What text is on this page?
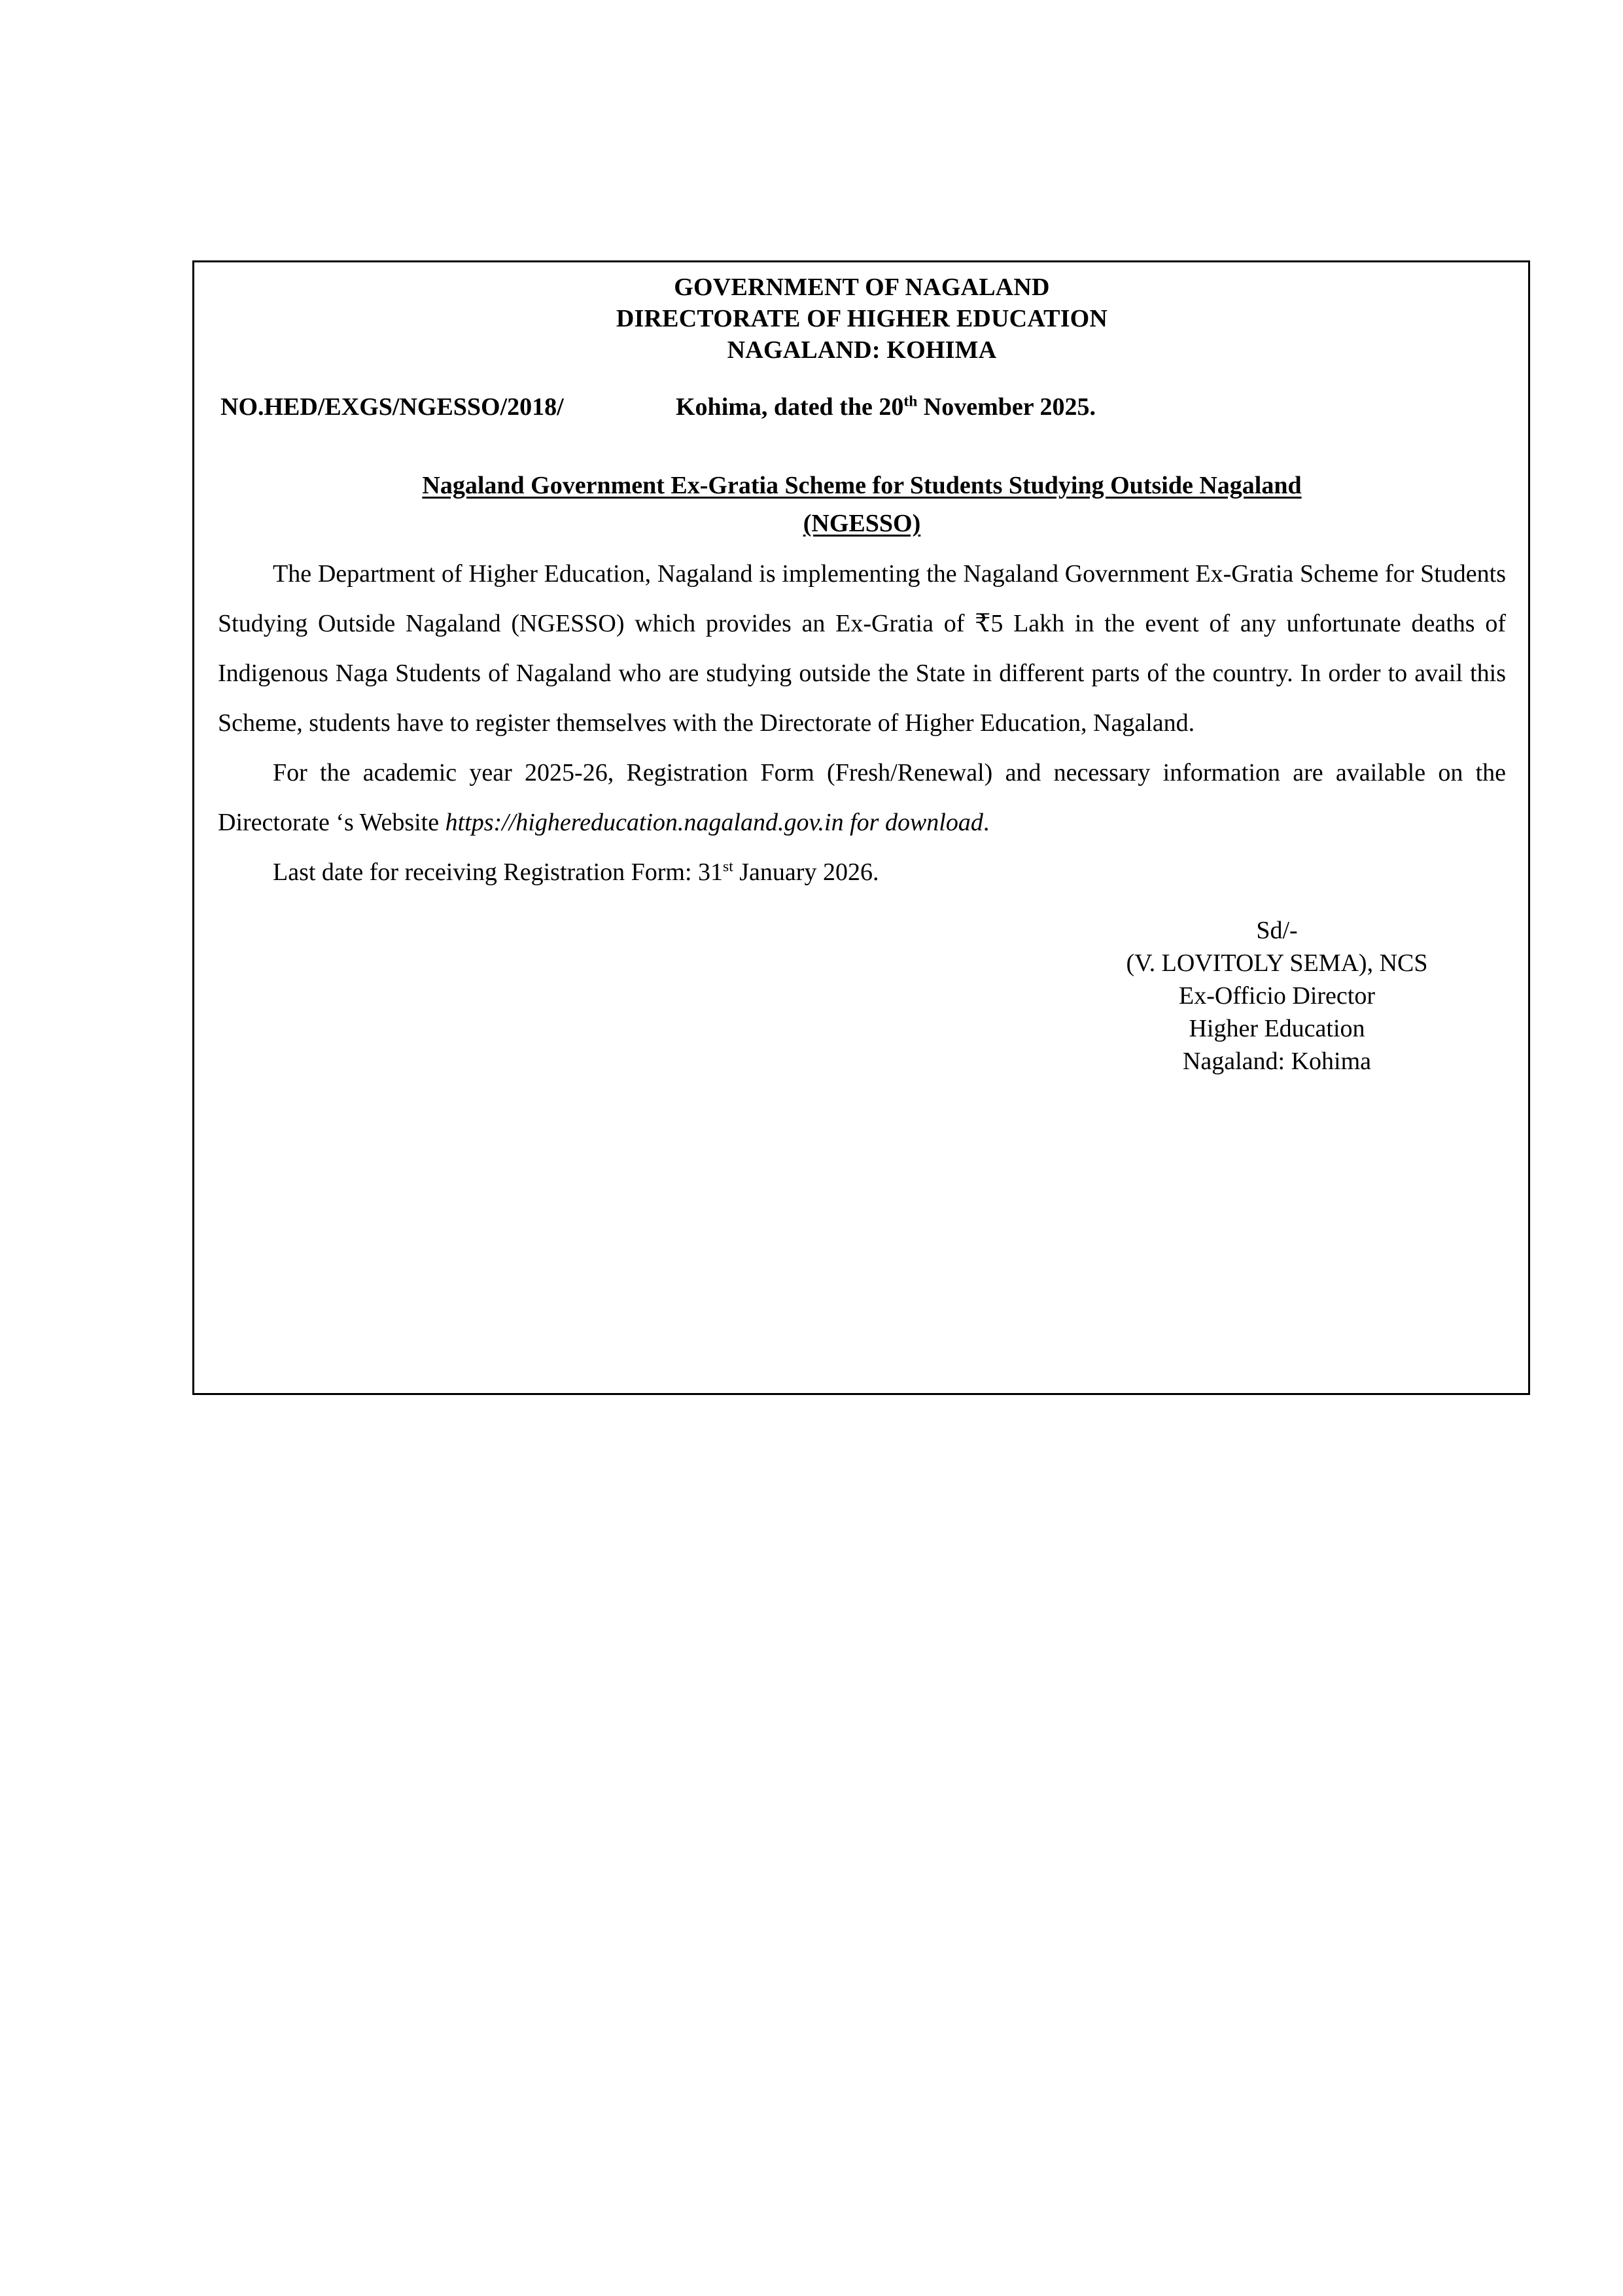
GOVERNMENT OF NAGALAND
DIRECTORATE OF HIGHER EDUCATION
NAGALAND: KOHIMA
NO.HED/EXGS/NGESSO/2018/	Kohima, dated the 20th November 2025.
Nagaland Government Ex-Gratia Scheme for Students Studying Outside Nagaland
(NGESSO)

The Department of Higher Education, Nagaland is implementing the Nagaland Government Ex-Gratia Scheme for Students Studying Outside Nagaland (NGESSO) which provides an Ex-Gratia of ₹5 Lakh in the event of any unfortunate deaths of Indigenous Naga Students of Nagaland who are studying outside the State in different parts of the country. In order to avail this Scheme, students have to register themselves with the Directorate of Higher Education, Nagaland.

For the academic year 2025-26, Registration Form (Fresh/Renewal) and necessary information are available on the Directorate ‘s Website https://highereducation.nagaland.gov.in for download.

Last date for receiving Registration Form: 31st January 2026.

Sd/-
(V. LOVITOLY SEMA), NCS
Ex-Officio Director
Higher Education
Nagaland: Kohima
